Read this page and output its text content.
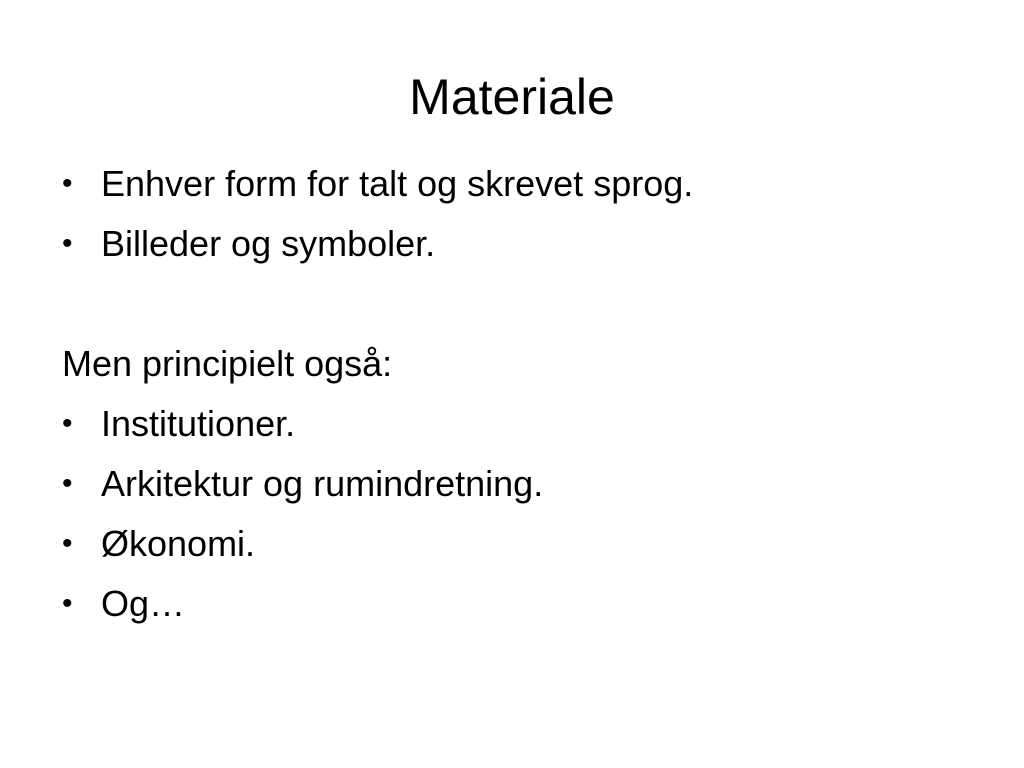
Materiale
• Enhver form for talt og skrevet sprog.
• Billeder og symboler.
Men principielt også:
• Institutioner.
• Arkitektur og rumindretning.
• Økonomi.
• Og…
